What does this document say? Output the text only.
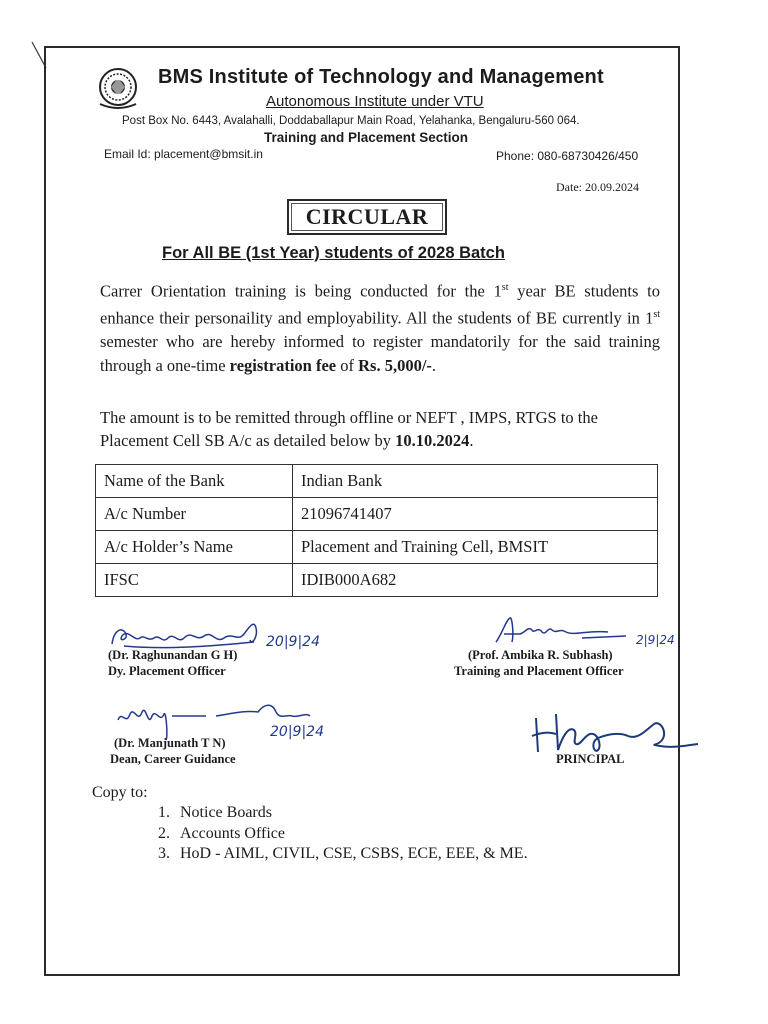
BMS Institute of Technology and Management
Autonomous Institute under VTU
Post Box No. 6443, Avalahalli, Doddaballapur Main Road, Yelahanka, Bengaluru-560 064.
Training and Placement Section
Email Id: placement@bmsit.in	Phone: 080-68730426/450
Date: 20.09.2024
CIRCULAR
For All BE (1st Year) students of 2028 Batch
Carrer Orientation training is being conducted for the 1st year BE students to enhance their personaility and employability. All the students of BE currently in 1st semester who are hereby informed to register mandatorily for the said training through a one-time registration fee of Rs. 5,000/-.
The amount is to be remitted through offline or NEFT , IMPS, RTGS to the Placement Cell SB A/c as detailed below by 10.10.2024.
Name of the Bank	Indian Bank
A/c Number	21096741407
A/c Holder’s Name	Placement and Training Cell, BMSIT
IFSC	IDIB000A682
20|9|24
(Dr. Raghunandan G H)
Dy. Placement Officer
2|9|24
(Prof. Ambika R. Subhash)
Training and Placement Officer
20|9|24
(Dr. Manjunath T N)
Dean, Career Guidance	PRINCIPAL
Copy to:
1. Notice Boards
2. Accounts Office
3. HoD - AIML, CIVIL, CSE, CSBS, ECE, EEE, & ME.
